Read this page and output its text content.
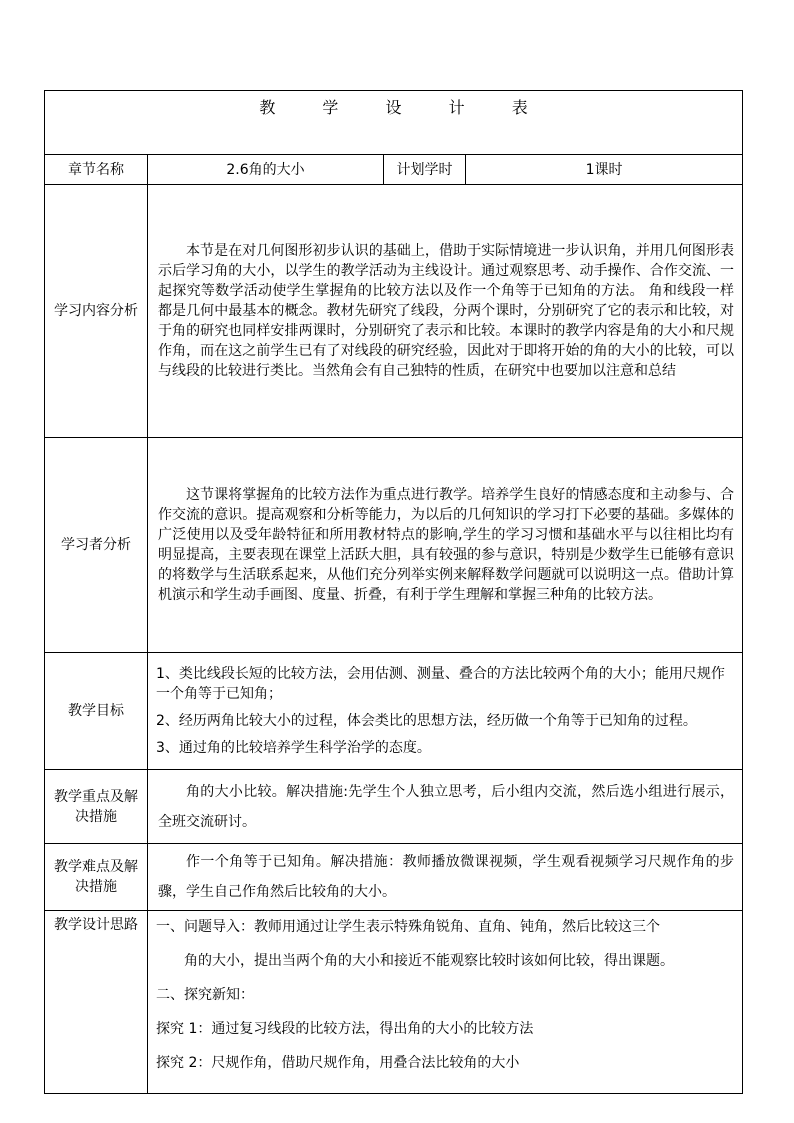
教 学 设 计 表			
章节名称	2.6角的大小	计划学时	1课时
学习内容分析	本节是在对几何图形初步认识的基础上，借助于实际情境进一步认识角，并用几何图形表示后学习角的大小，以学生的教学活动为主线设计。通过观察思考、动手操作、合作交流、一起探究等数学活动使学生掌握角的比较方法以及作一个角等于已知角的方法。 角和线段一样都是几何中最基本的概念。教材先研究了线段，分两个课时，分别研究了它的表示和比较，对于角的研究也同样安排两课时，分别研究了表示和比较。本课时的教学内容是角的大小和尺规作角，而在这之前学生已有了对线段的研究经验，因此对于即将开始的角的大小的比较，可以与线段的比较进行类比。当然角会有自己独特的性质，在研究中也要加以注意和总结		

学习者分析	这节课将掌握角的比较方法作为重点进行教学。培养学生良好的情感态度和主动参与、合作交流的意识。提高观察和分析等能力，为以后的几何知识的学习打下必要的基础。多媒体的广泛使用以及受年龄特征和所用教材特点的影响,学生的学习习惯和基础水平与以往相比均有明显提高，主要表现在课堂上活跃大胆，具有较强的参与意识，特别是少数学生已能够有意识的将数学与生活联系起来，从他们充分列举实例来解释数学问题就可以说明这一点。借助计算机演示和学生动手画图、度量、折叠，有利于学生理解和掌握三种角的比较方法。		

教学目标	1、类比线段长短的比较方法，会用估测、测量、叠合的方法比较两个角的大小；能用尺规作一个角等于已知角；

2、经历两角比较大小的过程，体会类比的思想方法，经历做一个角等于已知角的过程。

3、通过角的比较培养学生科学治学的态度。		

教学重点及解决措施	角的大小比较。解决措施:先学生个人独立思考，后小组内交流，然后选小组进行展示，全班交流研讨。		

教学难点及解决措施	作一个角等于已知角。解决措施：教师播放微课视频，学生观看视频学习尺规作角的步骤，学生自己作角然后比较角的大小。		

教学设计思路	一、问题导入：教师用通过让学生表示特殊角锐角、直角、钝角，然后比较这三个

角的大小，提出当两个角的大小和接近不能观察比较时该如何比较，得出课题。

二、探究新知：

探究 1：通过复习线段的比较方法，得出角的大小的比较方法

探究 2：尺规作角，借助尺规作角，用叠合法比较角的大小		
